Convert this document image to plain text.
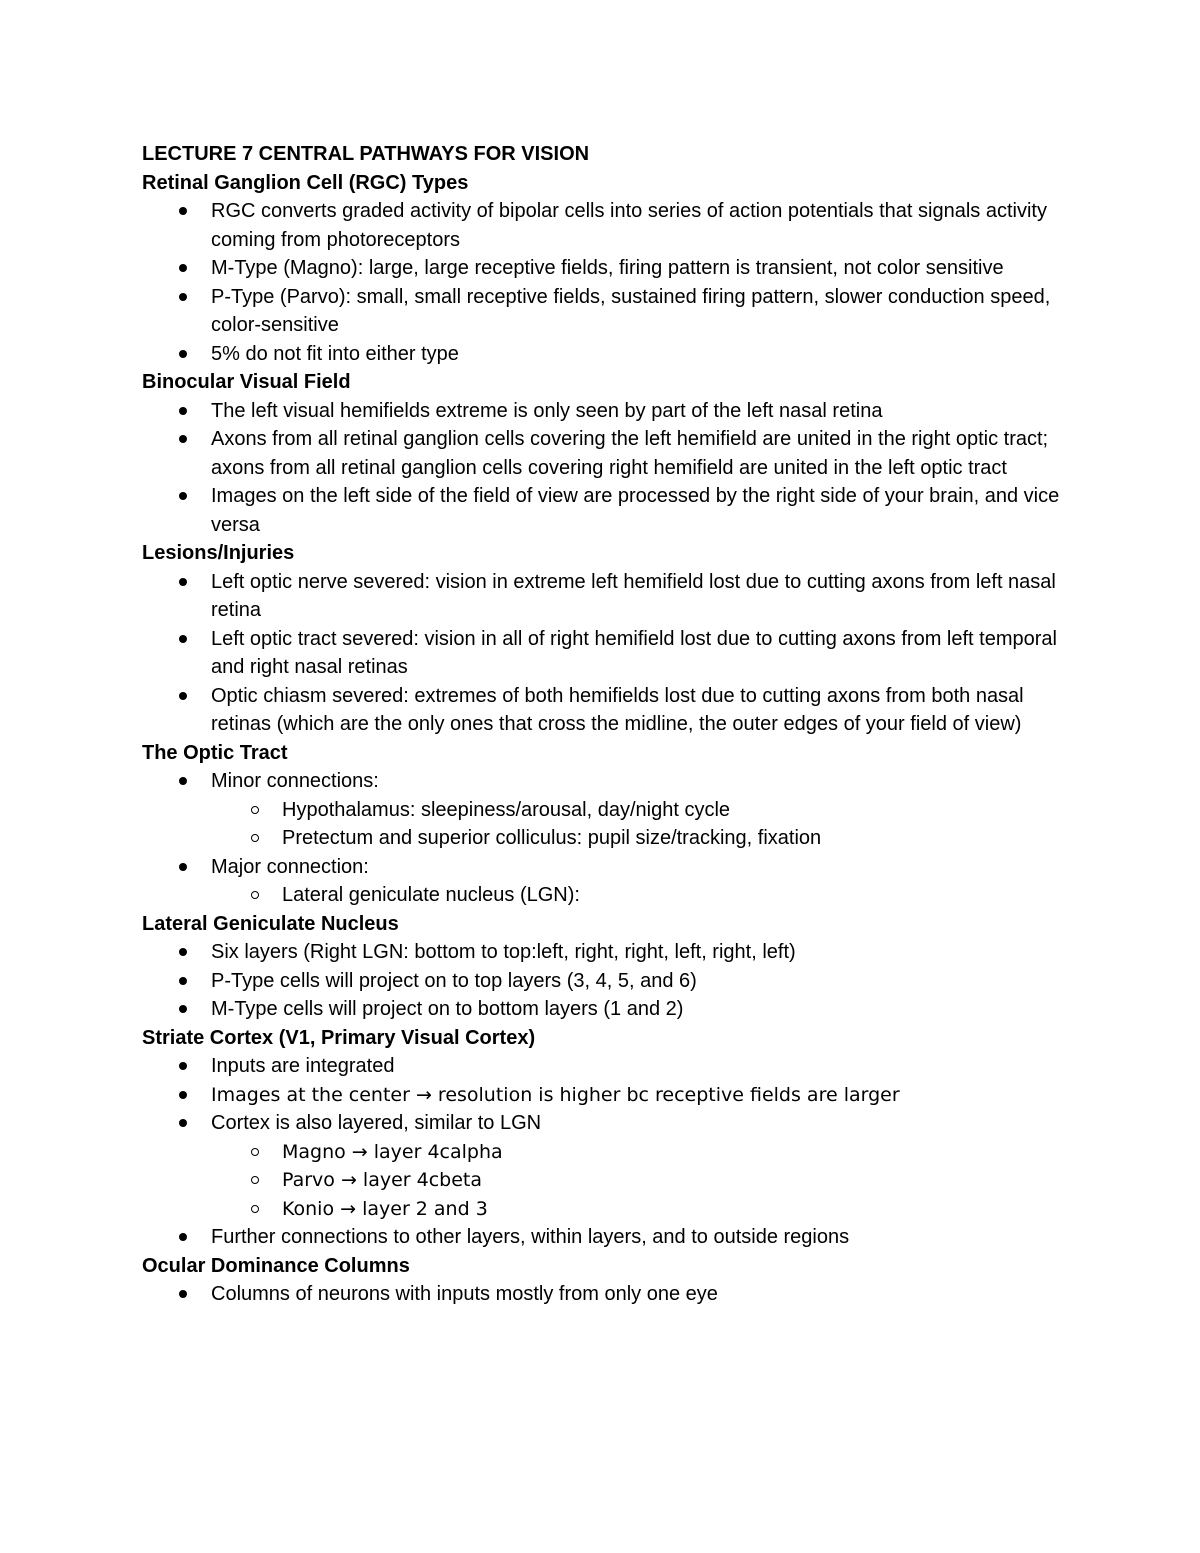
LECTURE 7 CENTRAL PATHWAYS FOR VISION
Retinal Ganglion Cell (RGC) Types
RGC converts graded activity of bipolar cells into series of action potentials that signals activity coming from photoreceptors
M-Type (Magno): large, large receptive fields, firing pattern is transient, not color sensitive
P-Type (Parvo): small, small receptive fields, sustained firing pattern, slower conduction speed, color-sensitive
5% do not fit into either type
Binocular Visual Field
The left visual hemifields extreme is only seen by part of the left nasal retina
Axons from all retinal ganglion cells covering the left hemifield are united in the right optic tract; axons from all retinal ganglion cells covering right hemifield are united in the left optic tract
Images on the left side of the field of view are processed by the right side of your brain, and vice versa
Lesions/Injuries
Left optic nerve severed: vision in extreme left hemifield lost due to cutting axons from left nasal retina
Left optic tract severed: vision in all of right hemifield lost due to cutting axons from left temporal and right nasal retinas
Optic chiasm severed: extremes of both hemifields lost due to cutting axons from both nasal retinas (which are the only ones that cross the midline, the outer edges of your field of view)
The Optic Tract
Minor connections:
Hypothalamus: sleepiness/arousal, day/night cycle
Pretectum and superior colliculus: pupil size/tracking, fixation
Major connection:
Lateral geniculate nucleus (LGN):
Lateral Geniculate Nucleus
Six layers (Right LGN: bottom to top:left, right, right, left, right, left)
P-Type cells will project on to top layers (3, 4, 5, and 6)
M-Type cells will project on to bottom layers (1 and 2)
Striate Cortex (V1, Primary Visual Cortex)
Inputs are integrated
Images at the center → resolution is higher bc receptive fields are larger
Cortex is also layered, similar to LGN
Magno → layer 4calpha
Parvo → layer 4cbeta
Konio → layer 2 and 3
Further connections to other layers, within layers, and to outside regions
Ocular Dominance Columns
Columns of neurons with inputs mostly from only one eye
